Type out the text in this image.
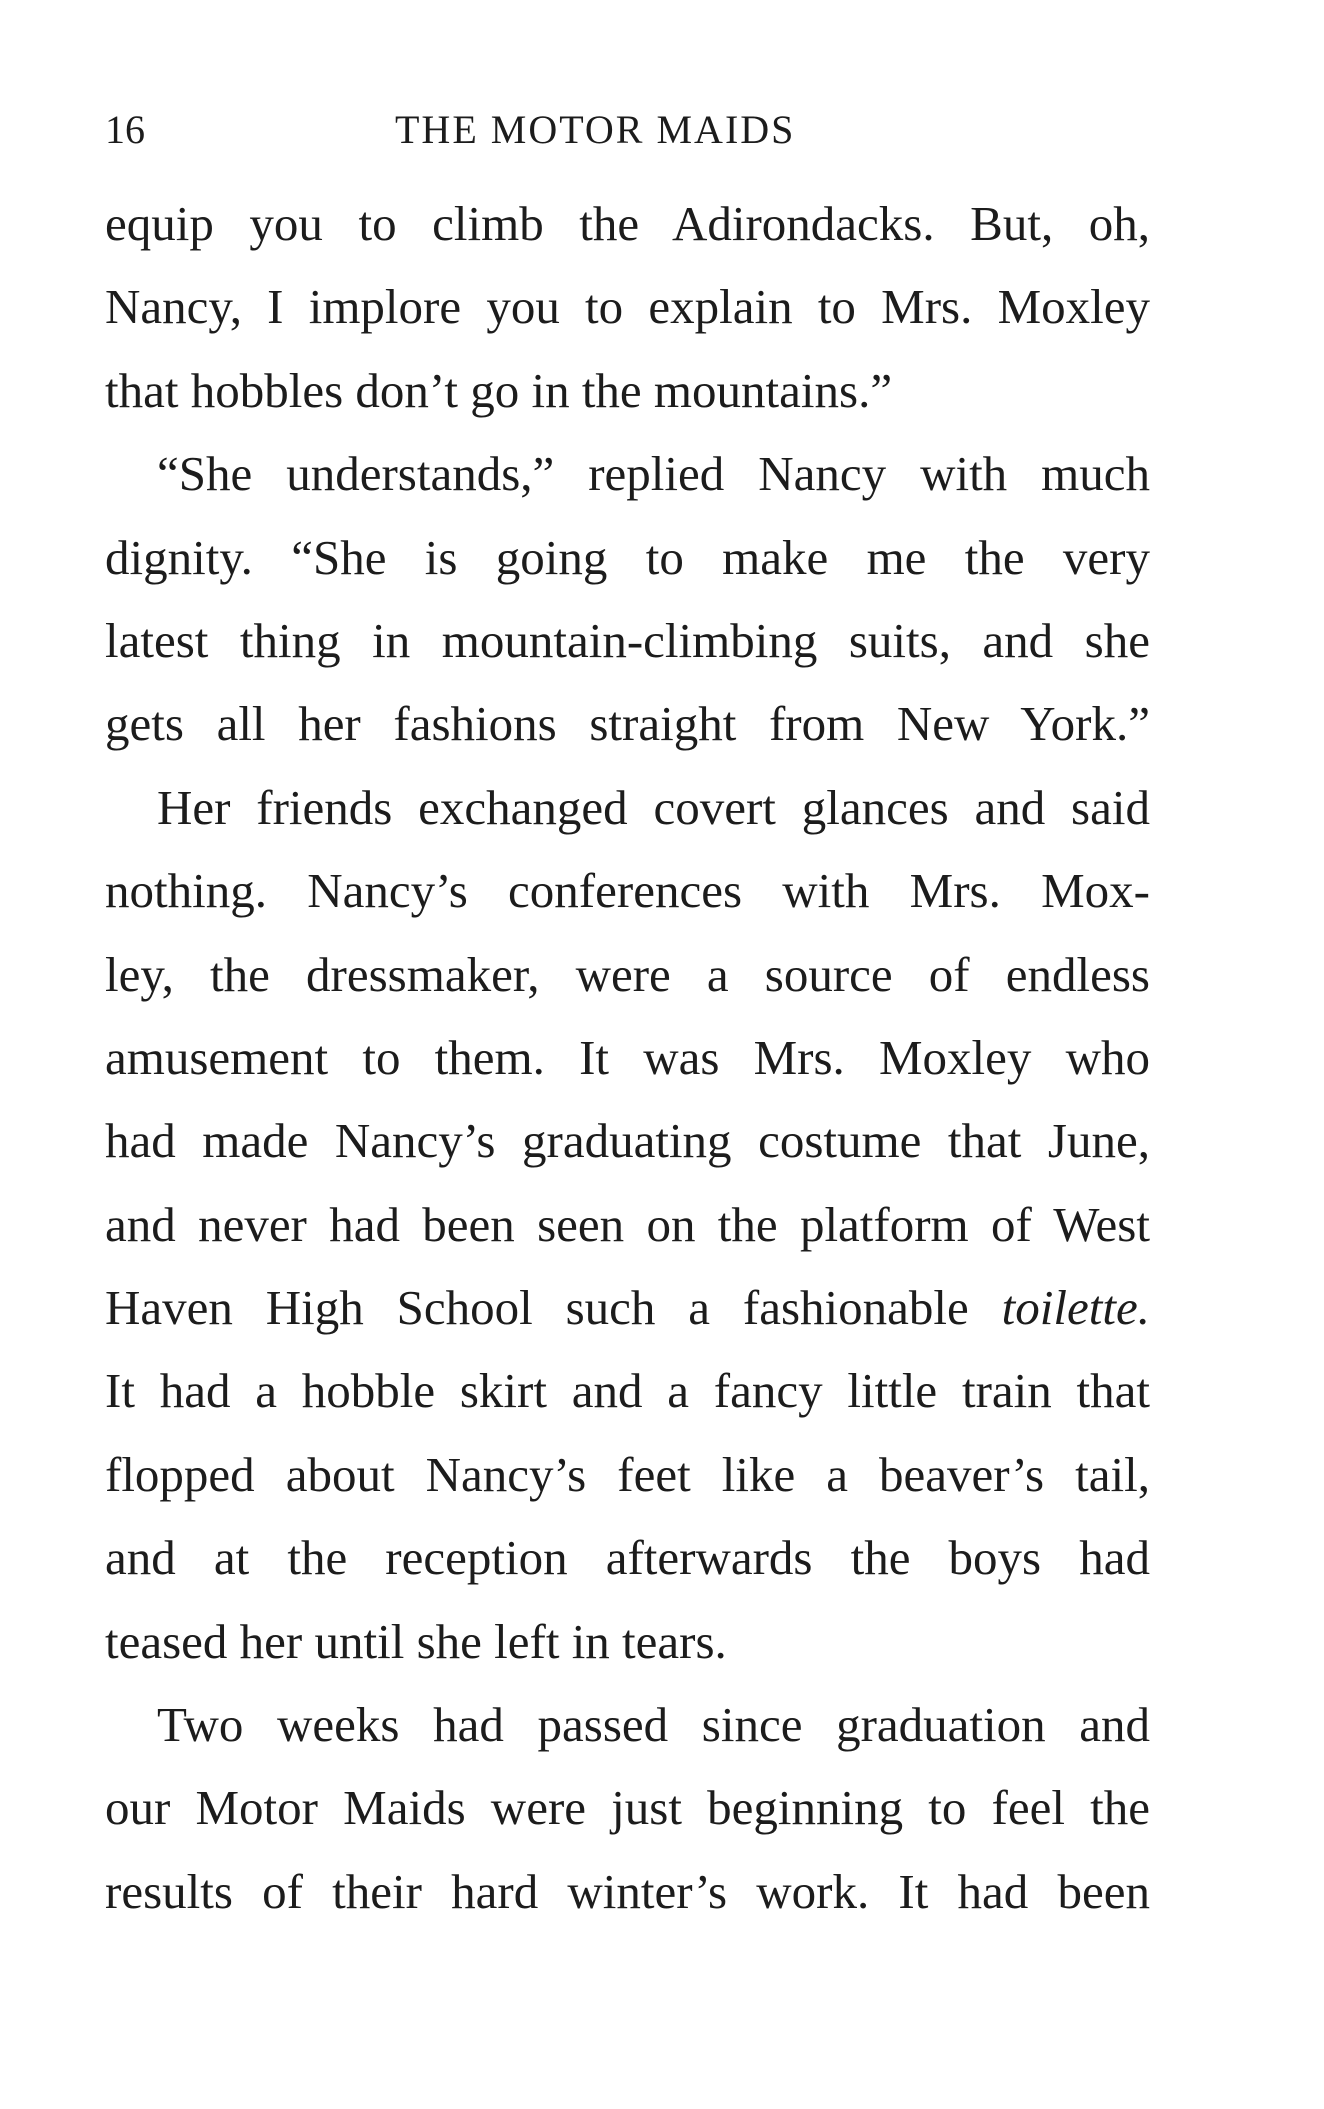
16	THE MOTOR MAIDS
equip you to climb the Adirondacks. But, oh,
Nancy, I implore you to explain to Mrs. Moxley
that hobbles don’t go in the mountains.”
“She understands,” replied Nancy with much
dignity. “She is going to make me the very
latest thing in mountain-climbing suits, and she
gets all her fashions straight from New York.”
Her friends exchanged covert glances and said
nothing. Nancy’s conferences with Mrs. Mox-
ley, the dressmaker, were a source of endless
amusement to them. It was Mrs. Moxley who
had made Nancy’s graduating costume that June,
and never had been seen on the platform of West
Haven High School such a fashionable toilette.
It had a hobble skirt and a fancy little train that
flopped about Nancy’s feet like a beaver’s tail,
and at the reception afterwards the boys had
teased her until she left in tears.
Two weeks had passed since graduation and
our Motor Maids were just beginning to feel the
results of their hard winter’s work. It had been
